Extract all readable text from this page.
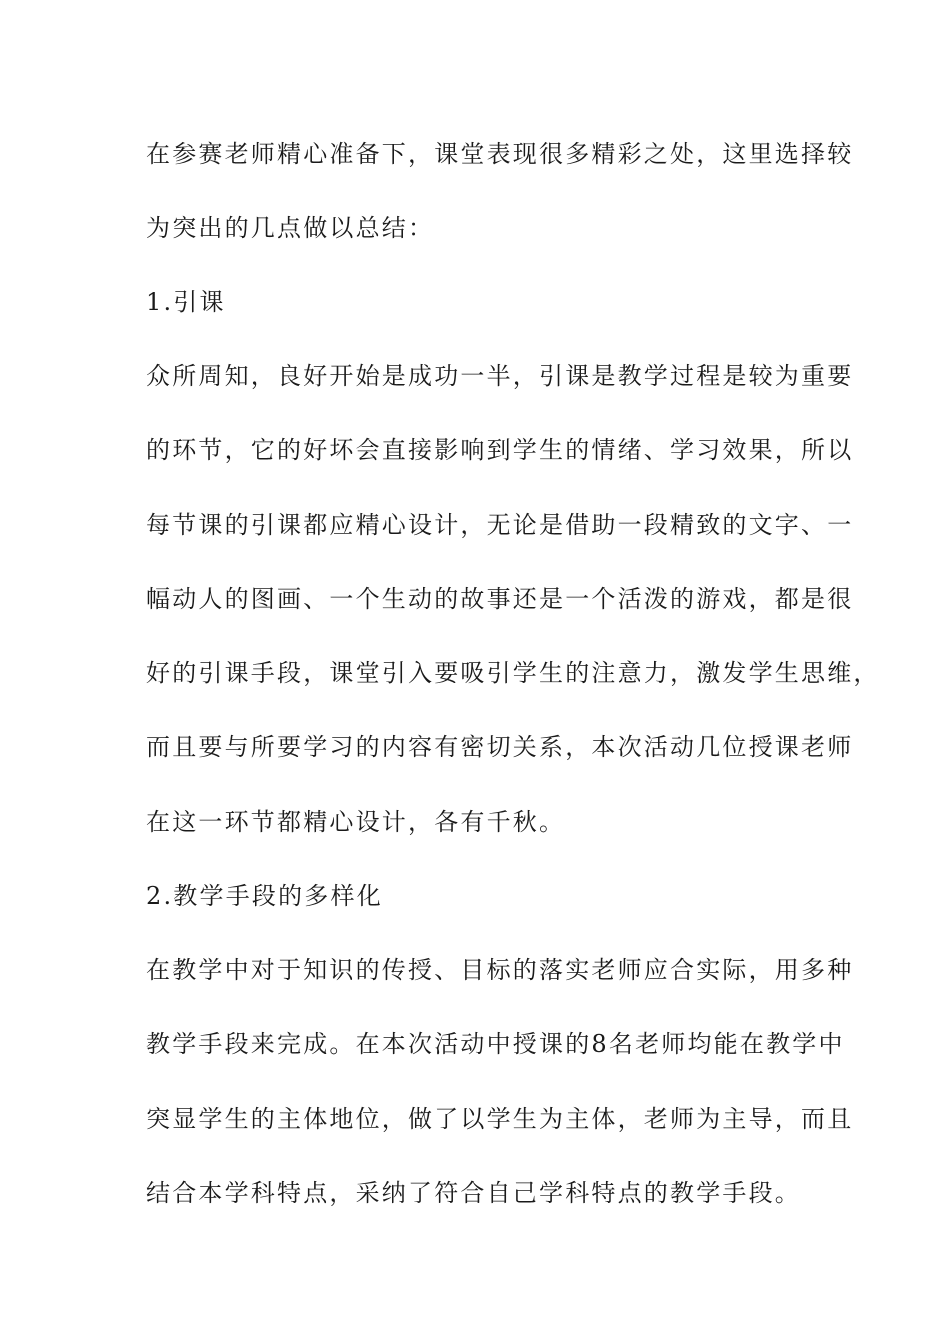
在参赛老师精心准备下，课堂表现很多精彩之处，这里选择较
为突出的几点做以总结：
1.引课
众所周知，良好开始是成功一半，引课是教学过程是较为重要
的环节，它的好坏会直接影响到学生的情绪、学习效果，所以
每节课的引课都应精心设计，无论是借助一段精致的文字、一
幅动人的图画、一个生动的故事还是一个活泼的游戏，都是很
好的引课手段，课堂引入要吸引学生的注意力，激发学生思维，
而且要与所要学习的内容有密切关系，本次活动几位授课老师
在这一环节都精心设计，各有千秋。
2.教学手段的多样化
在教学中对于知识的传授、目标的落实老师应合实际，用多种
教学手段来完成。在本次活动中授课的8名老师均能在教学中
突显学生的主体地位，做了以学生为主体，老师为主导，而且
结合本学科特点，采纳了符合自己学科特点的教学手段。
